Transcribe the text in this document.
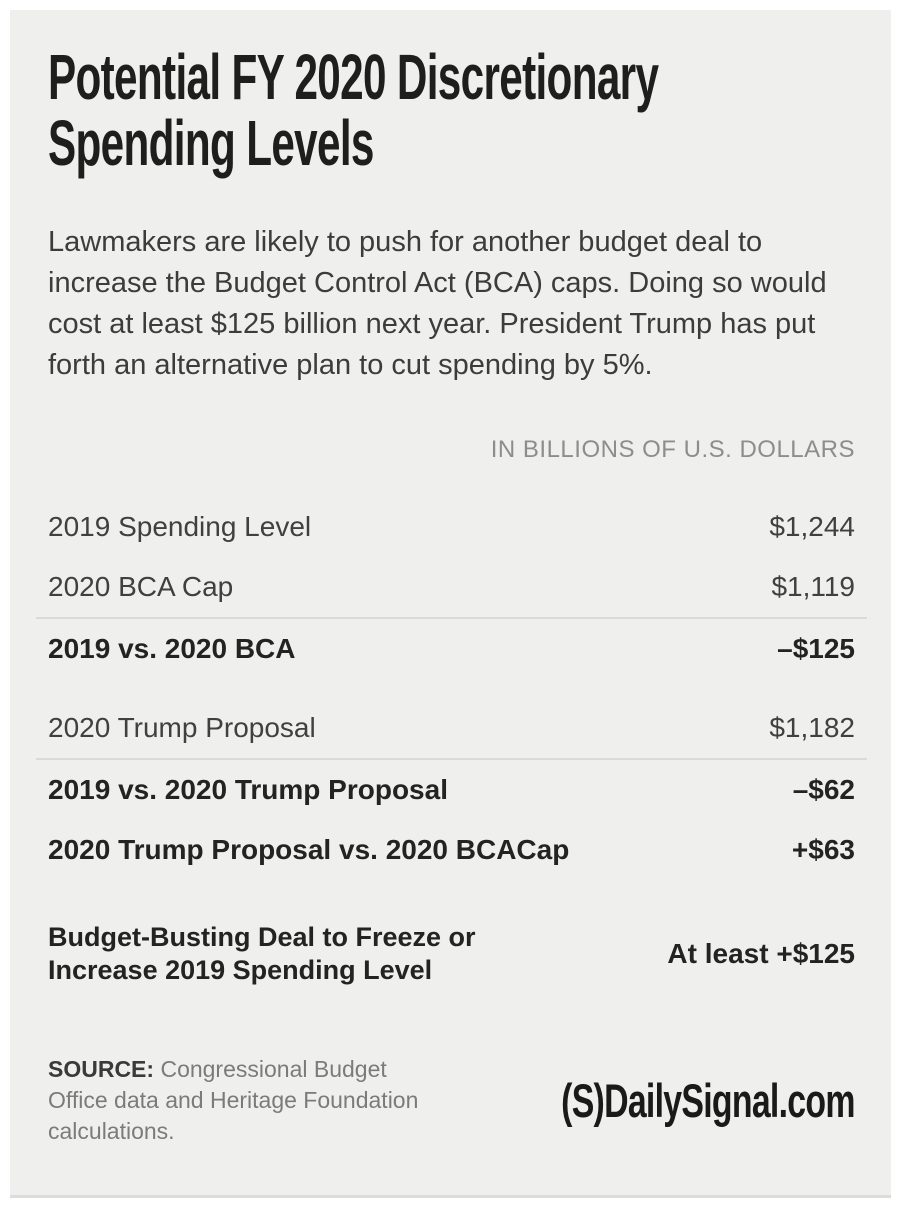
Potential FY 2020 Discretionary
Spending Levels

Lawmakers are likely to push for another budget deal to increase the Budget Control Act (BCA) caps. Doing so would cost at least $125 billion next year. President Trump has put forth an alternative plan to cut spending by 5%.

IN BILLIONS OF U.S. DOLLARS
2019 Spending Level	$1,244
2020 BCA Cap	$1,119
2019 vs. 2020 BCA	–$125
2020 Trump Proposal	$1,182
2019 vs. 2020 Trump Proposal	–$62
2020 Trump Proposal vs. 2020 BCACap	+$63
Budget-Busting Deal to Freeze or
Increase 2019 Spending Level
At least +$125

SOURCE: Congressional Budget Office data and Heritage Foundation calculations.

(S)DailySignal.com
